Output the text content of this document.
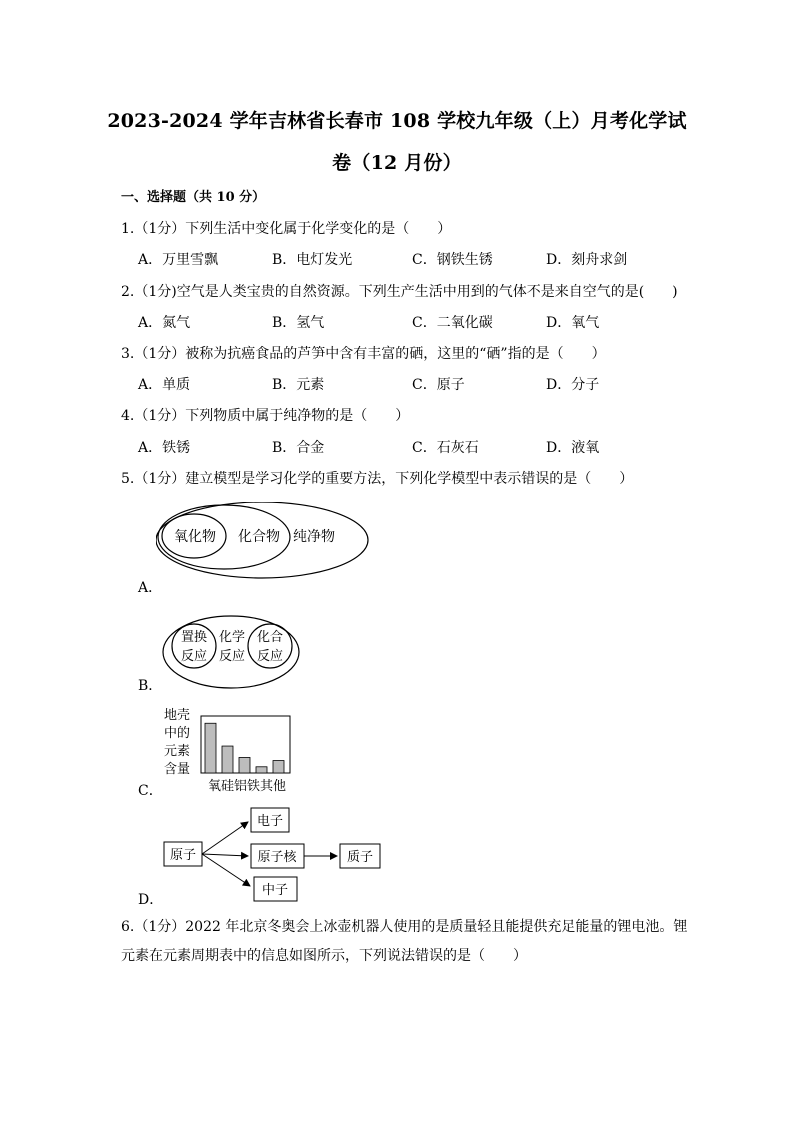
2023-2024 学年吉林省长春市 108 学校九年级（上）月考化学试
卷（12 月份）
一、选择题（共 10 分）
1.（1分）下列生活中变化属于化学变化的是（　　）
A．万里雪飘	B．电灯发光	C．钢铁生锈	D．刻舟求剑
2.（1分)空气是人类宝贵的自然资源。下列生产生活中用到的气体不是来自空气的是(　　)
A．氮气	B．氢气	C．二氧化碳	D．氧气
3.（1分）被称为抗癌食品的芦笋中含有丰富的硒，这里的“硒”指的是（　　）
A．单质	B．元素	C．原子	D．分子
4.（1分）下列物质中属于纯净物的是（　　）
A．铁锈	B．合金	C．石灰石	D．液氧
5.（1分）建立模型是学习化学的重要方法，下列化学模型中表示错误的是（　　）
氧化物 化合物 纯净物
A．
置换
反应
化学
反应
化合
反应
B．
地壳
中的
元素
含量
氧硅铝铁其他
C．
原子
电子
原子核	质子
中子
D．
6.（1分）2022 年北京冬奥会上冰壶机器人使用的是质量轻且能提供充足能量的锂电池。锂
元素在元素周期表中的信息如图所示，下列说法错误的是（　　）
